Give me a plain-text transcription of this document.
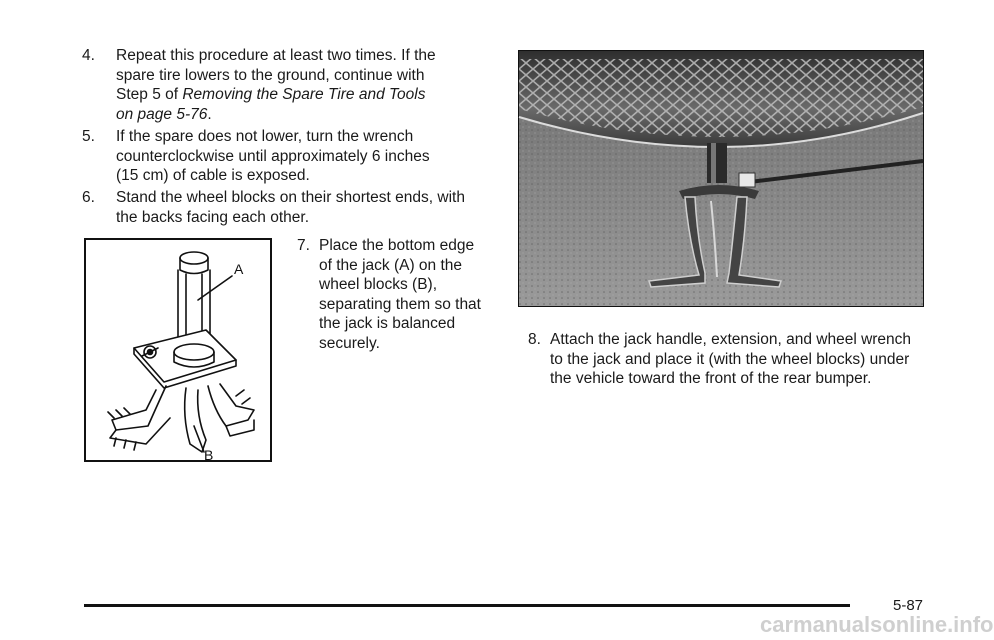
4. Repeat this procedure at least two times. If the
spare tire lowers to the ground, continue with
Step 5 of Removing the Spare Tire and Tools
on page 5-76.
5. If the spare does not lower, turn the wrench
counterclockwise until approximately 6 inches
(15 cm) of cable is exposed.
6. Stand the wheel blocks on their shortest ends, with
the backs facing each other.
A
B
7. Place the bottom edge
of the jack (A) on the
wheel blocks (B),
separating them so that
the jack is balanced
securely.	8. Attach the jack handle, extension, and wheel wrench
to the jack and place it (with the wheel blocks) under
the vehicle toward the front of the rear bumper.
5-87
carmanualsonline.info
